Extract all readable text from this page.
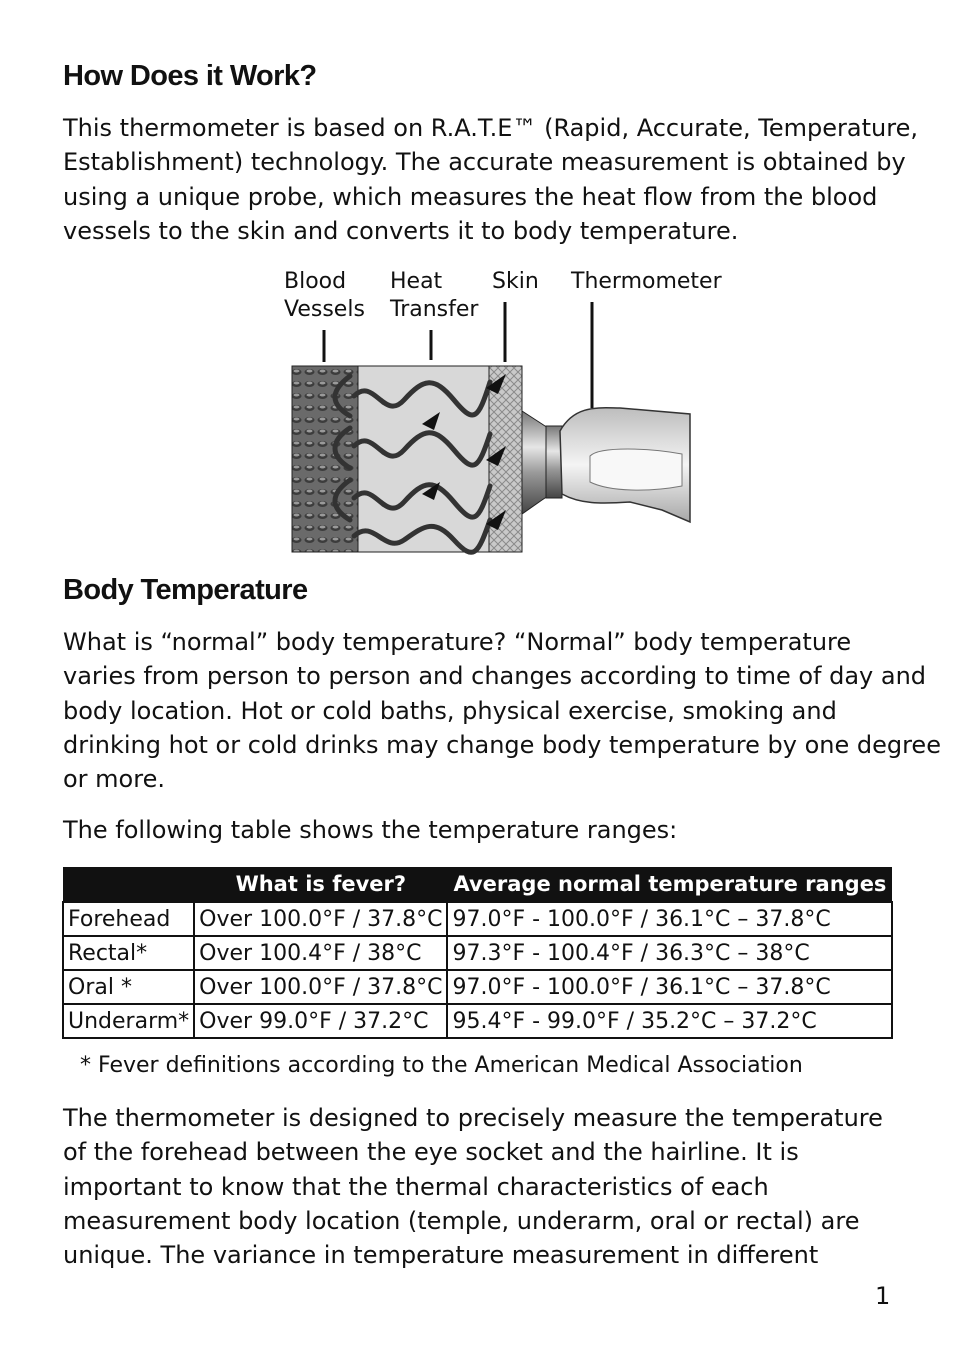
How Does it Work?
This thermometer is based on R.A.T.E™ (Rapid, Accurate, Temperature,
Establishment) technology. The accurate measurement is obtained by
using a unique probe, which measures the heat flow from the blood
vessels to the skin and converts it to body temperature.

Blood
Vessels

Heat
Transfer

Skin Thermometer

Body Temperature
What is “normal” body temperature? “Normal” body temperature
varies from person to person and changes according to time of day and
body location. Hot or cold baths, physical exercise, smoking and
drinking hot or cold drinks may change body temperature by one degree
or more.

The following table shows the temperature ranges:

	What is fever?	Average normal temperature ranges
Forehead	Over 100.0°F / 37.8°C	97.0°F - 100.0°F / 36.1°C – 37.8°C
Rectal*	Over 100.4°F / 38°C	97.3°F - 100.4°F / 36.3°C – 38°C
Oral *	Over 100.0°F / 37.8°C	97.0°F - 100.0°F / 36.1°C – 37.8°C
Underarm*	Over 99.0°F / 37.2°C	95.4°F - 99.0°F / 35.2°C – 37.2°C

* Fever definitions according to the American Medical Association

The thermometer is designed to precisely measure the temperature
of the forehead between the eye socket and the hairline. It is
important to know that the thermal characteristics of each
measurement body location (temple, underarm, oral or rectal) are
unique. The variance in temperature measurement in different

1
